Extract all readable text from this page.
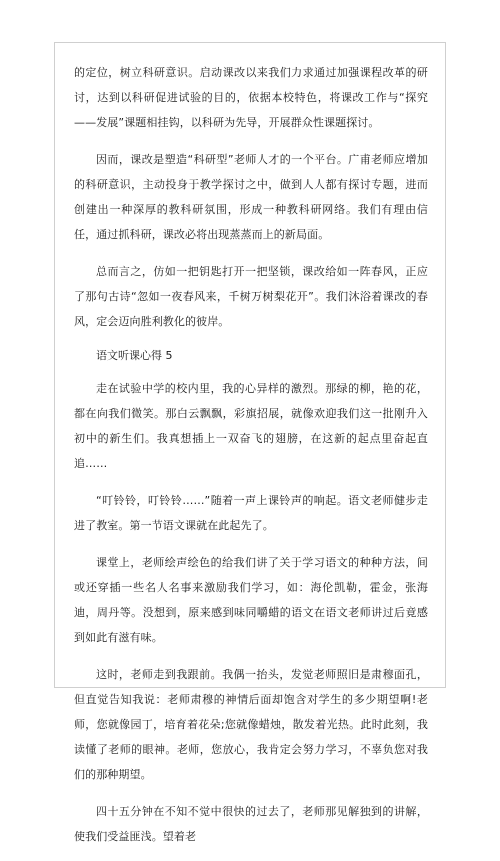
的定位，树立科研意识。启动课改以来我们力求通过加强课程改革的研讨，达到以科研促进试验的目的，依据本校特色，将课改工作与“探究——发展”课题相挂钩，以科研为先导，开展群众性课题探讨。

因而，课改是塑造“科研型”老师人才的一个平台。广甫老师应增加的科研意识，主动投身于教学探讨之中，做到人人都有探讨专题，进而创建出一种深厚的教科研氛围，形成一种教科研网络。我们有理由信任，通过抓科研，课改必将出现蒸蒸而上的新局面。

总而言之，仿如一把钥匙打开一把坚锁，课改给如一阵春风，正应了那句古诗“忽如一夜春风来，千树万树梨花开”。我们沐浴着课改的春风，定会迈向胜利教化的彼岸。

语文听课心得 5

走在试验中学的校内里，我的心异样的激烈。那绿的柳，艳的花，都在向我们微笑。那白云飘飘，彩旗招展，就像欢迎我们这一批刚升入初中的新生们。我真想插上一双奋飞的翅膀，在这新的起点里奋起直追……

“叮铃铃，叮铃铃……”随着一声上课铃声的响起。语文老师健步走进了教室。第一节语文课就在此起先了。

课堂上，老师绘声绘色的给我们讲了关于学习语文的种种方法，间或还穿插一些名人名事来激励我们学习，如：海伦凯勒，霍金，张海迪，周丹等。没想到，原来感到味同嚼蜡的语文在语文老师讲过后竟感到如此有滋有味。

这时，老师走到我跟前。我偶一抬头，发觉老师照旧是肃穆面孔，但直觉告知我说：老师肃穆的神情后面却饱含对学生的多少期望啊!老师，您就像园丁，培育着花朵;您就像蜡烛，散发着光热。此时此刻，我读懂了老师的眼神。老师，您放心，我肯定会努力学习，不辜负您对我们的那种期望。

四十五分钟在不知不觉中很快的过去了，老师那见解独到的讲解，使我们受益匪浅。望着老
